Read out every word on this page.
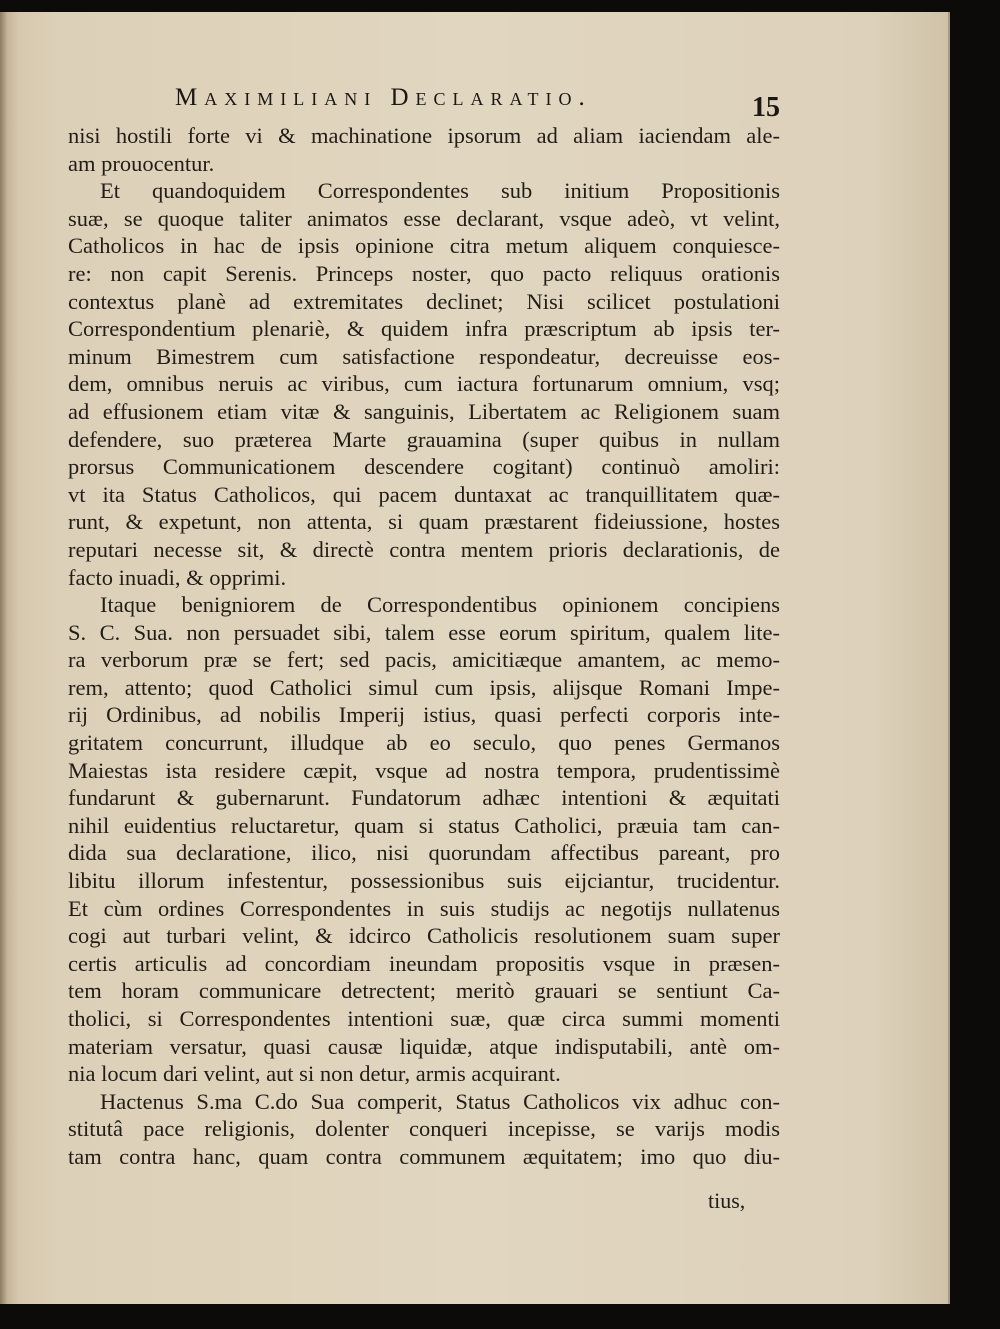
Maximiliani Declaratio.	15
nisi hostili forte vi & machinatione ipsorum ad aliam iaciendam ale-
am prouocentur.
Et quandoquidem Correspondentes sub initium Propositionis
suæ, se quoque taliter animatos esse declarant, vsque adeò, vt velint,
Catholicos in hac de ipsis opinione citra metum aliquem conquiesce-
re: non capit Serenis. Princeps noster, quo pacto reliquus orationis
contextus planè ad extremitates declinet; Nisi scilicet postulationi
Correspondentium plenariè, & quidem infra præscriptum ab ipsis ter-
minum Bimestrem cum satisfactione respondeatur, decreuisse eos-
dem, omnibus neruis ac viribus, cum iactura fortunarum omnium, vsq;
ad effusionem etiam vitæ & sanguinis, Libertatem ac Religionem suam
defendere, suo præterea Marte grauamina (super quibus in nullam
prorsus Communicationem descendere cogitant) continuò amoliri:
vt ita Status Catholicos, qui pacem duntaxat ac tranquillitatem quæ-
runt, & expetunt, non attenta, si quam præstarent fideiussione, hostes
reputari necesse sit, & directè contra mentem prioris declarationis, de
facto inuadi, & opprimi.
Itaque benigniorem de Correspondentibus opinionem concipiens
S. C. Sua. non persuadet sibi, talem esse eorum spiritum, qualem lite-
ra verborum præ se fert; sed pacis, amicitiæque amantem, ac memo-
rem, attento; quod Catholici simul cum ipsis, alijsque Romani Impe-
rij Ordinibus, ad nobilis Imperij istius, quasi perfecti corporis inte-
gritatem concurrunt, illudque ab eo seculo, quo penes Germanos
Maiestas ista residere cæpit, vsque ad nostra tempora, prudentissimè
fundarunt & gubernarunt. Fundatorum adhæc intentioni & æquitati
nihil euidentius reluctaretur, quam si status Catholici, præuia tam can-
dida sua declaratione, ilico, nisi quorundam affectibus pareant, pro
libitu illorum infestentur, possessionibus suis eijciantur, trucidentur.
Et cùm ordines Correspondentes in suis studijs ac negotijs nullatenus
cogi aut turbari velint, & idcirco Catholicis resolutionem suam super
certis articulis ad concordiam ineundam propositis vsque in præsen-
tem horam communicare detrectent; meritò grauari se sentiunt Ca-
tholici, si Correspondentes intentioni suæ, quæ circa summi momenti
materiam versatur, quasi causæ liquidæ, atque indisputabili, antè om-
nia locum dari velint, aut si non detur, armis acquirant.
Hactenus S.ma C.do Sua comperit, Status Catholicos vix adhuc con-
stitutâ pace religionis, dolenter conqueri incepisse, se varijs modis
tam contra hanc, quam contra communem æquitatem; imo quo diu-
tius,
